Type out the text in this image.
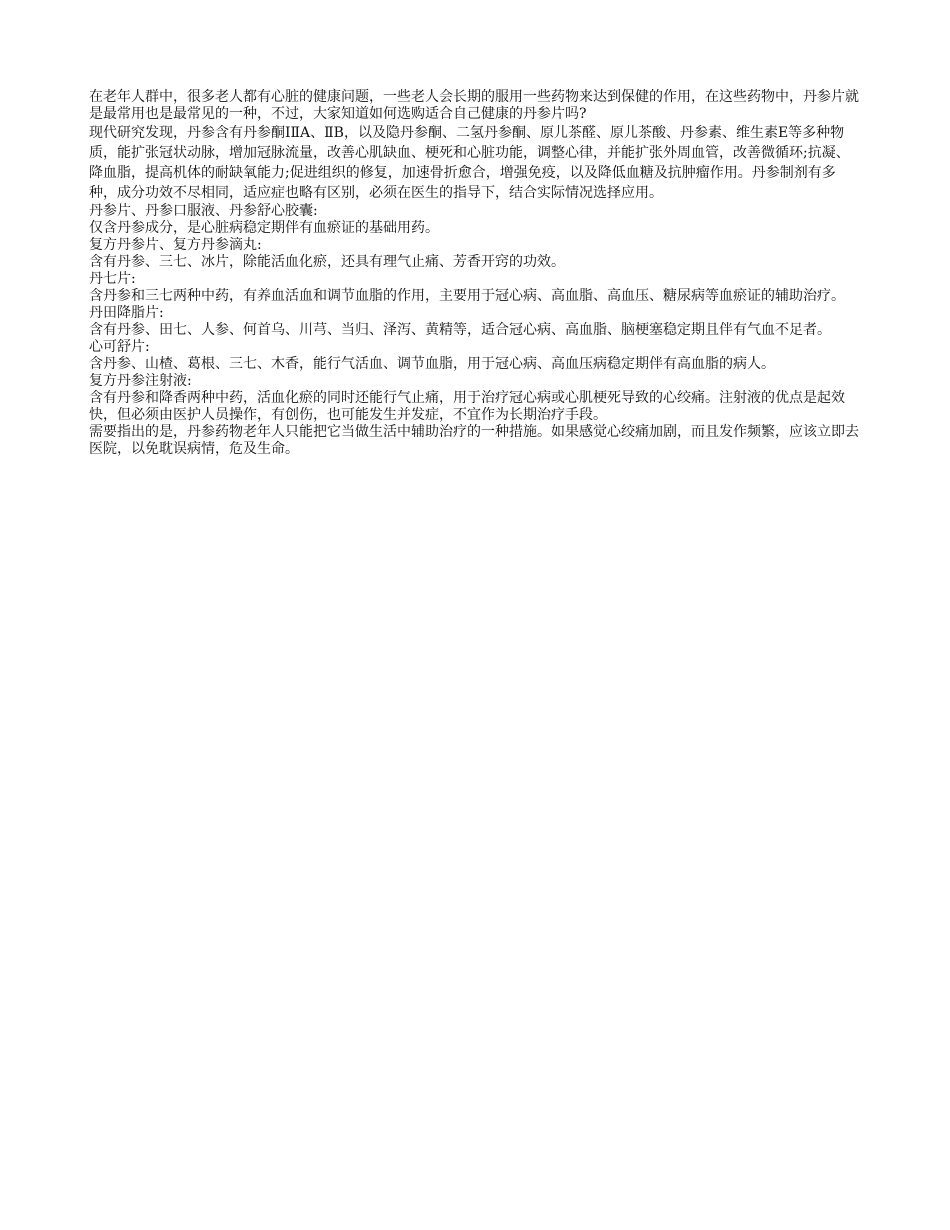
在老年人群中，很多老人都有心脏的健康问题，一些老人会长期的服用一些药物来达到保健的作用，在这些药物中，丹参片就是最常用也是最常见的一种，不过，大家知道如何选购适合自己健康的丹参片吗?

现代研究发现，丹参含有丹参酮ⅠⅡA、ⅡB，以及隐丹参酮、二氢丹参酮、原儿茶醛、原儿茶酸、丹参素、维生素E等多种物质，能扩张冠状动脉，增加冠脉流量，改善心肌缺血、梗死和心脏功能，调整心律，并能扩张外周血管，改善微循环;抗凝、降血脂，提高机体的耐缺氧能力;促进组织的修复，加速骨折愈合，增强免疫，以及降低血糖及抗肿瘤作用。丹参制剂有多种，成分功效不尽相同，适应症也略有区别，必须在医生的指导下，结合实际情况选择应用。

丹参片、丹参口服液、丹参舒心胶囊:

仅含丹参成分，是心脏病稳定期伴有血瘀证的基础用药。

复方丹参片、复方丹参滴丸:

含有丹参、三七、冰片，除能活血化瘀，还具有理气止痛、芳香开窍的功效。

丹七片:

含丹参和三七两种中药，有养血活血和调节血脂的作用，主要用于冠心病、高血脂、高血压、糖尿病等血瘀证的辅助治疗。

丹田降脂片:

含有丹参、田七、人参、何首乌、川芎、当归、泽泻、黄精等，适合冠心病、高血脂、脑梗塞稳定期且伴有气血不足者。

心可舒片:

含丹参、山楂、葛根、三七、木香，能行气活血、调节血脂，用于冠心病、高血压病稳定期伴有高血脂的病人。

复方丹参注射液:

含有丹参和降香两种中药，活血化瘀的同时还能行气止痛，用于治疗冠心病或心肌梗死导致的心绞痛。注射液的优点是起效快，但必须由医护人员操作，有创伤，也可能发生并发症，不宜作为长期治疗手段。

需要指出的是，丹参药物老年人只能把它当做生活中辅助治疗的一种措施。如果感觉心绞痛加剧，而且发作频繁，应该立即去医院，以免耽误病情，危及生命。
